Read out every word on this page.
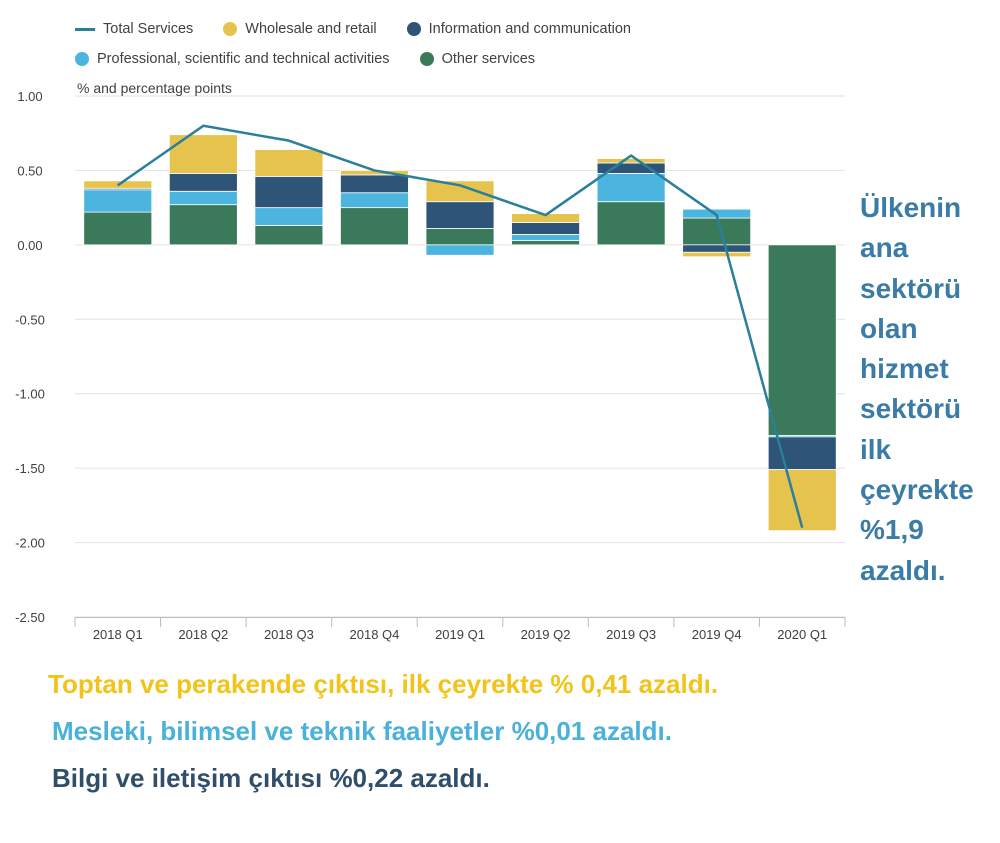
1.00
0.50
0.00
-0.50
-1.00
-1.50
-2.00
-2.50
2018 Q1	2018 Q2	2018 Q3	2018 Q4	2019 Q1	2019 Q2	2019 Q3	2019 Q4	2020 Q1
Total Services	Wholesale and retail	Information and communication
Professional, scientific and technical activities	Other services
% and percentage points
Ülkenin
ana
sektörü
olan
hizmet
sektörü
ilk
çeyrekte
%1,9
azaldı.
Toptan ve perakende çıktısı, ilk çeyrekte % 0,41 azaldı.
Mesleki, bilimsel ve teknik faaliyetler %0,01 azaldı.
Bilgi ve iletişim çıktısı %0,22 azaldı.
